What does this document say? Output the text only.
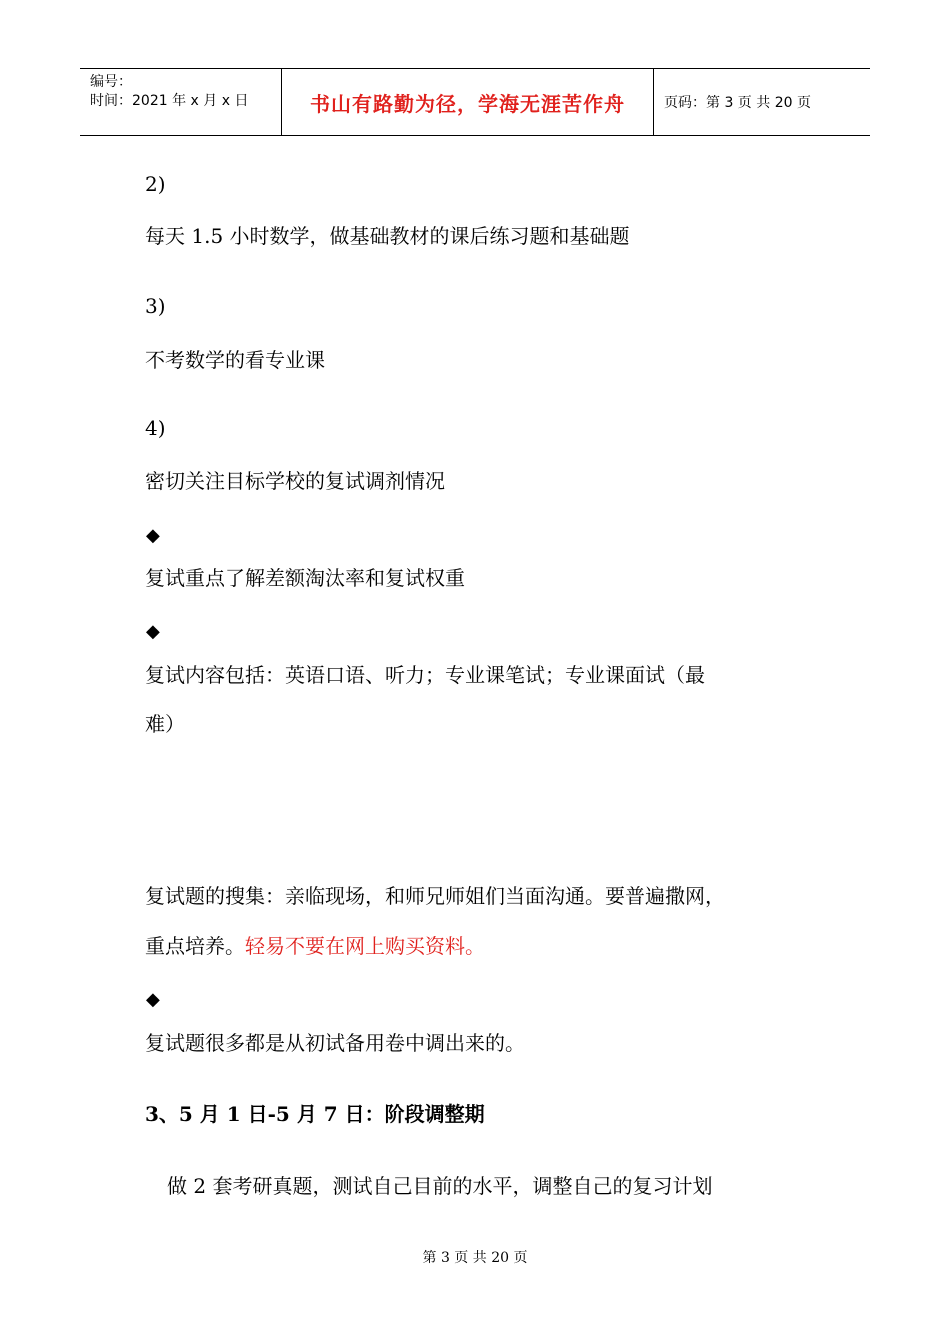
编号：
时间：2021 年 x 月 x 日	书山有路勤为径，学海无涯苦作舟	页码：第 3 页 共 20 页
2)
每天 1.5 小时数学，做基础教材的课后练习题和基础题
3)
不考数学的看专业课
4)
密切关注目标学校的复试调剂情况
◆
复试重点了解差额淘汰率和复试权重
◆
复试内容包括：英语口语、听力；专业课笔试；专业课面试（最
难）
复试题的搜集：亲临现场，和师兄师姐们当面沟通。要普遍撒网，
重点培养。轻易不要在网上购买资料。
◆
复试题很多都是从初试备用卷中调出来的。
3、5 月 1 日-5 月 7 日：阶段调整期
做 2 套考研真题，测试自己目前的水平，调整自己的复习计划
第 3 页 共 20 页
